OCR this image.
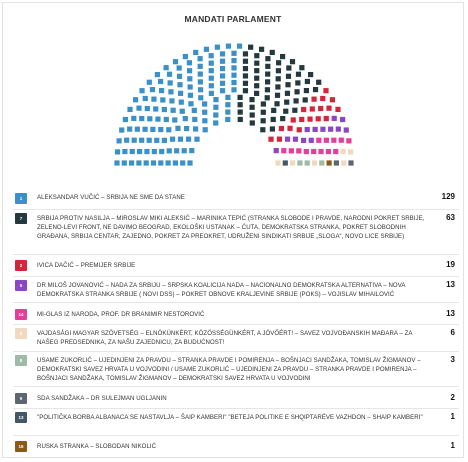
MANDATI PARLAMENT
1	ALEKSANDAR VUČIĆ – SRBIJA NE SME DA STANE	129
7	SRBIJA PROTIV NASILJA – MIROSLAV MIKI ALEKSIĆ – MARINIKA TEPIĆ (STRANKA SLOBODE I PRAVDE, NARODNI POKRET SRBIJE, ZELENO-LEVI FRONT, NE DAVIMO BEOGRAD, EKOLOŠKI USTANAK – ĆUTA, DEMOKRATSKA STRANKA, POKRET SLOBODNIH GRAĐANA, SRBIJA CENTAR, ZAJEDNO, POKRET ZA PREOKRET, UDRUŽENI SINDIKATI SRBIJE „SLOGA“, NOVO LICE SRBIJE)
63
2	IVICA DAČIĆ – PREMIJER SRBIJE	19
5	DR MILOŠ JOVANOVIĆ – NADA ZA SRBIJU – SRPSKA KOALICIJA NADA – NACIONALNO DEMOKRATSKA ALTERNATIVA – NOVA DEMOKRATSKA STRANKA SRBIJE ( NOVI DSS) – POKRET OBNOVE KRALJEVINE SRBIJE (POKS) – VOJISLAV MIHAILOVIĆ
13
14	MI-GLAS IZ NARODA, PROF. DR BRANIMIR NESTOROVIĆ	13
6	VAJDASÁGI MAGYAR SZÖVETSÉG – ELNÖKÜNKÉRT, KÖZÖSSÉGÜNKÉRT, A JÖVŐÉRT! – SAVEZ VOJVOĐANSKIH MAĐARA – ZA NAŠEG PREDSEDNIKA, ZA NAŠU ZAJEDNICU, ZA BUDUĆNOST!
6
8	USAME ZUKORLIĆ – UJEDINJENI ZA PRAVDU – STRANKA PRAVDE I POMIRENJA – BOŠNJACI SANDŽAKA, TOMISLAV ŽIGMANOV – DEMOKRATSKI SAVEZ HRVATA U VOJVODINI / USAME ZUKORLIĆ – UJEDINJENI ZA PRAVDU – STRANKA PRAVDE I POMIRENJA – BOŠNJACI SANDŽAKA, TOMISLAV ŽIGMANOV – DEMOKRATSKI SAVEZ HRVATA U VOJVODINI
3
9	SDA SANDŽAKA – DR SULEJMAN UGLJANIN	2
13	"POLITIČKA BORBA ALBANACA SE NASTAVLJA – ŠAIP KAMBERI" "BETEJA POLITIKE E SHQIPTARËVE VAZHDON – SHAIP KAMBERI"	1
16	RUSKA STRANKA – SLOBODAN NIKOLIĆ	1
